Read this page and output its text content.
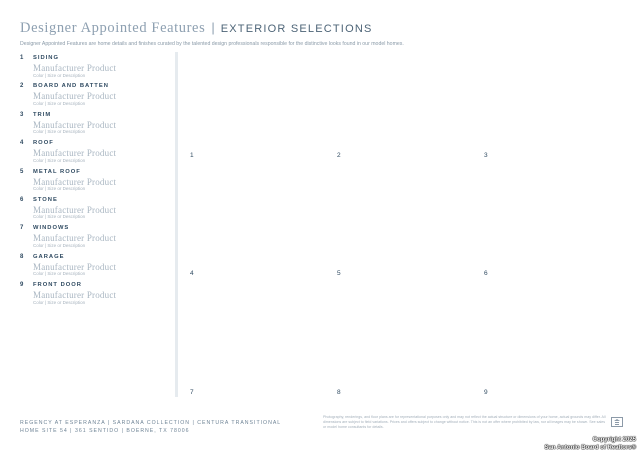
Designer Appointed Features | EXTERIOR SELECTIONS
Designer Appointed Features are home details and finishes curated by the talented design professionals responsible for the distinctive looks found in our model homes.
1 SIDING
Manufacturer Product
Color | Size or Description
2 BOARD AND BATTEN
Manufacturer Product
Color | Size or Description
3 TRIM
Manufacturer Product
Color | Size or Description
4 ROOF
Manufacturer Product
Color | Size or Description
5 METAL ROOF
Manufacturer Product
Color | Size or Description
6 STONE
Manufacturer Product
Color | Size or Description
7 WINDOWS
Manufacturer Product
Color | Size or Description
8 GARAGE
Manufacturer Product
Color | Size or Description
9 FRONT DOOR
Manufacturer Product
Color | Size or Description
1	2	3
4	5	6
7	8	9
REGENCY AT ESPERANZA | SARDANA COLLECTION | CENTURA TRANSITIONAL
HOME SITE 54 | 361 SENTIDO | BOERNE, TX 78006
Photography, renderings, and floor plans are for representational purposes only and may not reflect the actual structure or dimensions of your home, actual grounds may differ. All dimensions are subject to field variations. Prices and offers subject to change without notice. This is not an offer where prohibited by law, nor all images may be shown. See sales or model home consultants for details.
Copyright 2025
San Antonio Board of Realtors®
